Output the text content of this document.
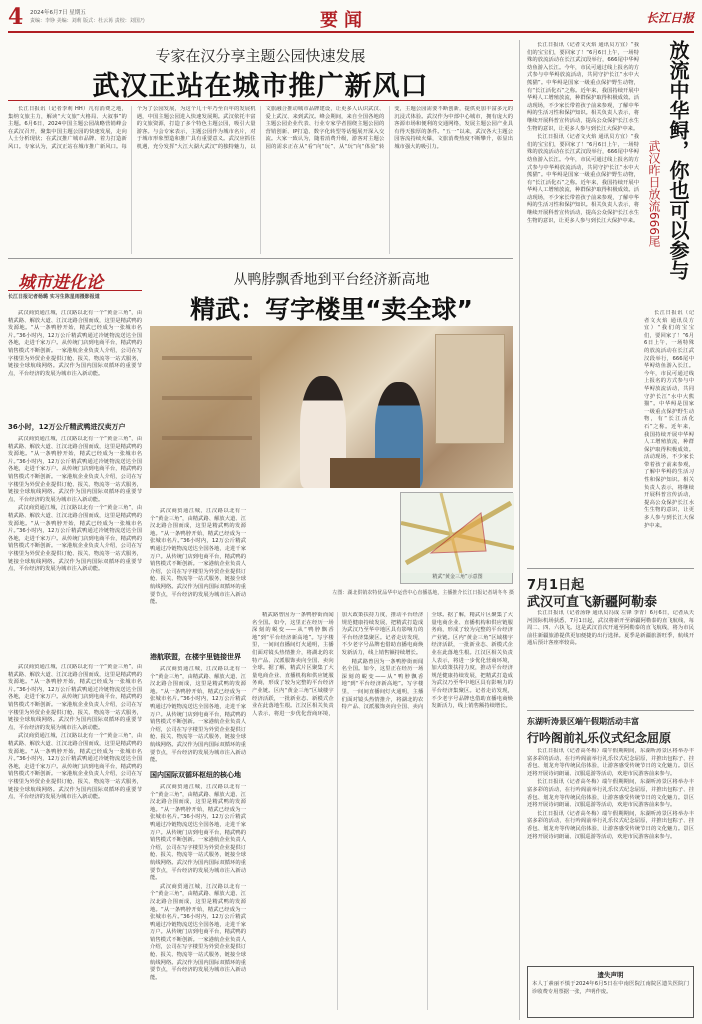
4 2024年6月7日 星期五
责编：李铮 美编：刘莉 版式：杜云苒 责校：刘国乃	要闻	长江日报
专家在汉分享主题公园快速发展
武汉正站在城市推广新风口

长江日报讯（记者李莉 HH）凡有消费之地，集纳文旅主力，解读“大文旅”大格局、大叙事”的主题。6月6日，2024中国主题公园战略营销峰会在武汉召开，聚集中国主题公园的快速发展，走向人士分析现状；在武汉推广城市品牌、着力打造新风口。专家认为，武汉正站在城市推广新风口。每个为了公园发展，为这个几十年乃至百年的发展机遇，中国主题公园进入快速发展期。武汉依托丰富的文旅资源，打造了多个特色主题公园，吸引大量游客。与会专家表示，主题公园作为城市名片，对于城市形象塑造和推广具有重要意义。武汉应抓住机遇，充分发挥“大江大湖大武汉”的独特魅力，以文旅融合推动城市品牌建设，让更多人认识武汉、爱上武汉、来到武汉。峰会期间，来自全国各地的主题公园企业代表、行业专家学者围绕主题公园的营销创新、IP打造、数字化转型等话题展开深入交流。大家一致认为，随着消费升级，游客对主题公园的需求正在从“看”向“玩”、从“玩”向“体验”转变，主题公园需要不断创新，提供更加丰富多元的沉浸式体验。武汉作为中部中心城市，拥有庞大的客源市场和便利的交通网络，发展主题公园产业具有得天独厚的条件。“五一”以来，武汉各大主题公园客流持续火爆，文旅消费热度不断攀升，彰显出城市强大的吸引力。

从鸭脖飘香地到平台经济新高地
精武：写字楼里“卖全球”
精武“黄金三角”示意图
左图：湖北供销农特优品华中运营中心直播基地，主播推介长江日报记者胡冬冬 摄

精武路曾因为一条鸭脖街而闻名全国。如今，这里正在经历一场深刻的蜕变——从“鸭脖飘香地”到“平台经济新高地”。写字楼里，一间间直播间灯火通明，主播们面对镜头热情推介，将湖北的农特产品、汉派服饰卖向全国、卖向全球。据了解，精武片区聚集了大量电商企业、直播机构和供应链服务商，形成了较为完整的平台经济产业链。区内“黄金三角”区域楼宇经济活跃，一批新业态、新模式企业在此落地生根。江汉区相关负责人表示，将进一步优化营商环境，加大政策扶持力度，推动平台经济规范健康持续发展，把精武打造成为武汉乃至华中地区具有影响力的平台经济集聚区。记者走访发现，不少老字号品牌也借助直播电商焕发新活力，线上销售额持续增长。

精武路曾因为一条鸭脖街而闻名全国。如今，这里正在经历一场深刻的蜕变——从“鸭脖飘香地”到“平台经济新高地”。写字楼里，一间间直播间灯火通明，主播们面对镜头热情推介，将湖北的农特产品、汉派服饰卖向全国、卖向全球。据了解，精武片区聚集了大量电商企业、直播机构和供应链服务商，形成了较为完整的平台经济产业链。区内“黄金三角”区域楼宇经济活跃，一批新业态、新模式企业在此落地生根。江汉区相关负责人表示，将进一步优化营商环境，加大政策扶持力度，推动平台经济规范健康持续发展，把精武打造成为武汉乃至华中地区具有影响力的平台经济集聚区。记者走访发现，不少老字号品牌也借助直播电商焕发新活力，线上销售额持续增长。

城市进化论
长江日报记者杨璐 实习生陈星雨摄影报道

武汉商贸通江城，江汉路以北有一个“黄金三角”，由精武路、解放大道、江汉北路合围而成，这里是精武鸭的发源地。“从一条鸭脖开始，精武已经成为一张城市名片。”36小时内，12万公斤精武鸭通过冷链物流送达全国各地，走进千家万户。从传统门店到电商平台，精武鸭的销售模式不断创新。一家港航企业负责人介绍，公司在写字楼里为外贸企业提供订舱、报关、物流等一站式服务，链接全球航线网络。武汉作为国内国际双循环的重要节点，平台经济的发展为城市注入新动能。

36小时，12万公斤精武鸭进汉卖万户

武汉商贸通江城，江汉路以北有一个“黄金三角”，由精武路、解放大道、江汉北路合围而成，这里是精武鸭的发源地。“从一条鸭脖开始，精武已经成为一张城市名片。”36小时内，12万公斤精武鸭通过冷链物流送达全国各地，走进千家万户。从传统门店到电商平台，精武鸭的销售模式不断创新。一家港航企业负责人介绍，公司在写字楼里为外贸企业提供订舱、报关、物流等一站式服务，链接全球航线网络。武汉作为国内国际双循环的重要节点，平台经济的发展为城市注入新动能。

武汉商贸通江城，江汉路以北有一个“黄金三角”，由精武路、解放大道、江汉北路合围而成，这里是精武鸭的发源地。“从一条鸭脖开始，精武已经成为一张城市名片。”36小时内，12万公斤精武鸭通过冷链物流送达全国各地，走进千家万户。从传统门店到电商平台，精武鸭的销售模式不断创新。一家港航企业负责人介绍，公司在写字楼里为外贸企业提供订舱、报关、物流等一站式服务，链接全球航线网络。武汉作为国内国际双循环的重要节点，平台经济的发展为城市注入新动能。

武汉商贸通江城，江汉路以北有一个“黄金三角”，由精武路、解放大道、江汉北路合围而成，这里是精武鸭的发源地。“从一条鸭脖开始，精武已经成为一张城市名片。”36小时内，12万公斤精武鸭通过冷链物流送达全国各地，走进千家万户。从传统门店到电商平台，精武鸭的销售模式不断创新。一家港航企业负责人介绍，公司在写字楼里为外贸企业提供订舱、报关、物流等一站式服务，链接全球航线网络。武汉作为国内国际双循环的重要节点，平台经济的发展为城市注入新动能。

港航联盟，在楼宇里链接世界

武汉商贸通江城，江汉路以北有一个“黄金三角”，由精武路、解放大道、江汉北路合围而成，这里是精武鸭的发源地。“从一条鸭脖开始，精武已经成为一张城市名片。”36小时内，12万公斤精武鸭通过冷链物流送达全国各地，走进千家万户。从传统门店到电商平台，精武鸭的销售模式不断创新。一家港航企业负责人介绍，公司在写字楼里为外贸企业提供订舱、报关、物流等一站式服务，链接全球航线网络。武汉作为国内国际双循环的重要节点，平台经济的发展为城市注入新动能。

国内国际双循环枢纽的核心地

武汉商贸通江城，江汉路以北有一个“黄金三角”，由精武路、解放大道、江汉北路合围而成，这里是精武鸭的发源地。“从一条鸭脖开始，精武已经成为一张城市名片。”36小时内，12万公斤精武鸭通过冷链物流送达全国各地，走进千家万户。从传统门店到电商平台，精武鸭的销售模式不断创新。一家港航企业负责人介绍，公司在写字楼里为外贸企业提供订舱、报关、物流等一站式服务，链接全球航线网络。武汉作为国内国际双循环的重要节点，平台经济的发展为城市注入新动能。

武汉商贸通江城，江汉路以北有一个“黄金三角”，由精武路、解放大道、江汉北路合围而成，这里是精武鸭的发源地。“从一条鸭脖开始，精武已经成为一张城市名片。”36小时内，12万公斤精武鸭通过冷链物流送达全国各地，走进千家万户。从传统门店到电商平台，精武鸭的销售模式不断创新。一家港航企业负责人介绍，公司在写字楼里为外贸企业提供订舱、报关、物流等一站式服务，链接全球航线网络。武汉作为国内国际双循环的重要节点，平台经济的发展为城市注入新动能。

武汉商贸通江城，江汉路以北有一个“黄金三角”，由精武路、解放大道、江汉北路合围而成，这里是精武鸭的发源地。“从一条鸭脖开始，精武已经成为一张城市名片。”36小时内，12万公斤精武鸭通过冷链物流送达全国各地，走进千家万户。从传统门店到电商平台，精武鸭的销售模式不断创新。一家港航企业负责人介绍，公司在写字楼里为外贸企业提供订舱、报关、物流等一站式服务，链接全球航线网络。武汉作为国内国际双循环的重要节点，平台经济的发展为城市注入新动能。

武汉商贸通江城，江汉路以北有一个“黄金三角”，由精武路、解放大道、江汉北路合围而成，这里是精武鸭的发源地。“从一条鸭脖开始，精武已经成为一张城市名片。”36小时内，12万公斤精武鸭通过冷链物流送达全国各地，走进千家万户。从传统门店到电商平台，精武鸭的销售模式不断创新。一家港航企业负责人介绍，公司在写字楼里为外贸企业提供订舱、报关、物流等一站式服务，链接全球航线网络。武汉作为国内国际双循环的重要节点，平台经济的发展为城市注入新动能。

放流中华鲟，你也可以参与
武汉昨日放流666尾

长江日报讯（记者文火焰 通讯员方宜）“我们的宝宝们，要回家了！”6月6日上午，一场特殊的放流活动在长江武汉段举行，666尾中华鲟幼鱼游入长江。今年，市民可通过线上报名的方式参与中华鲟放流活动，共同守护长江“水中大熊猫”。中华鲟是国家一级重点保护野生动物，有“长江活化石”之称。近年来，我国持续开展中华鲟人工增殖放流，种群保护取得积极成效。活动现场，不少家长带着孩子前来参观，了解中华鲟的生活习性和保护知识。相关负责人表示，将继续开展科普宣传活动，提高公众保护长江水生生物的意识，让更多人参与到长江大保护中来。

长江日报讯（记者文火焰 通讯员方宜）“我们的宝宝们，要回家了！”6月6日上午，一场特殊的放流活动在长江武汉段举行，666尾中华鲟幼鱼游入长江。今年，市民可通过线上报名的方式参与中华鲟放流活动，共同守护长江“水中大熊猫”。中华鲟是国家一级重点保护野生动物，有“长江活化石”之称。近年来，我国持续开展中华鲟人工增殖放流，种群保护取得积极成效。活动现场，不少家长带着孩子前来参观，了解中华鲟的生活习性和保护知识。相关负责人表示，将继续开展科普宣传活动，提高公众保护长江水生生物的意识，让更多人参与到长江大保护中来。

长江日报讯（记者文火焰 通讯员方宜）“我们的宝宝们，要回家了！”6月6日上午，一场特殊的放流活动在长江武汉段举行，666尾中华鲟幼鱼游入长江。今年，市民可通过线上报名的方式参与中华鲟放流活动，共同守护长江“水中大熊猫”。中华鲟是国家一级重点保护野生动物，有“长江活化石”之称。近年来，我国持续开展中华鲟人工增殖放流，种群保护取得积极成效。活动现场，不少家长带着孩子前来参观，了解中华鲟的生活习性和保护知识。相关负责人表示，将继续开展科普宣传活动，提高公众保护长江水生生物的意识，让更多人参与到长江大保护中来。

7月1日起
武汉可直飞新疆阿勒泰

长江日报讯（记者汤铮 通讯员冯成 左锋 李青）6月6日，记者从天河国际机场获悉，7月1日起，武汉将新开至新疆阿勒泰的直飞航线，每周二、四、六执飞。这是武汉首次开通至阿勒泰的直飞航线，将为市民前往新疆旅游提供更加便捷的出行选择。夏季是新疆旅游旺季，航线开通后预计客座率较高。

东湖听涛景区端午假期活动丰富
行吟阁前礼乐仪式纪念屈原

长江日报讯（记者高冬梅）端午假期期间，东湖听涛景区将举办丰富多彩的活动，在行吟阁前举行礼乐仪式纪念屈原，并推出包粽子、挂香包、划龙舟等传统民俗体验，让游客感受传统节日的文化魅力。景区还将开展诗词朗诵、汉服巡游等活动，欢迎市民游客前来参与。

长江日报讯（记者高冬梅）端午假期期间，东湖听涛景区将举办丰富多彩的活动，在行吟阁前举行礼乐仪式纪念屈原，并推出包粽子、挂香包、划龙舟等传统民俗体验，让游客感受传统节日的文化魅力。景区还将开展诗词朗诵、汉服巡游等活动，欢迎市民游客前来参与。

长江日报讯（记者高冬梅）端午假期期间，东湖听涛景区将举办丰富多彩的活动，在行吟阁前举行礼乐仪式纪念屈原，并推出包粽子、挂香包、划龙舟等传统民俗体验，让游客感受传统节日的文化魅力。景区还将开展诗词朗诵、汉服巡游等活动，欢迎市民游客前来参与。

遗失声明
本人丁素丽不慎于2024年6月5日在中南医院江南院区遗失医院门诊收费专用票据一张，声明作废。
